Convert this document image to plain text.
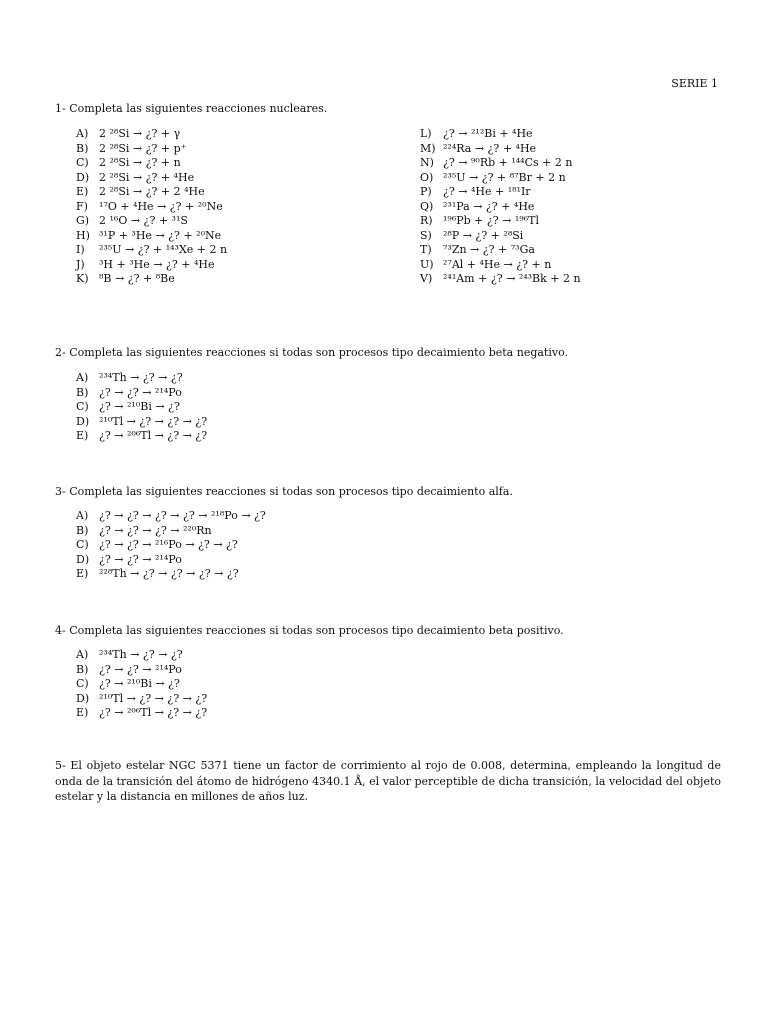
SERIE 1
1- Completa las siguientes reacciones nucleares.
A) 2 ²⁸Si → ¿? + γ
B) 2 ²⁸Si → ¿? + p⁺
C) 2 ²⁸Si → ¿? + n
D) 2 ²⁸Si → ¿? + ⁴He
E) 2 ²⁸Si → ¿? + 2 ⁴He
F) ¹⁷O + ⁴He → ¿? + ²⁰Ne
G) 2 ¹⁶O → ¿? + ³¹S
H) ³¹P + ³He → ¿? + ²⁰Ne
I) ²³⁵U → ¿? + ¹⁴³Xe + 2 n
J) ³H + ³He → ¿? + ⁴He
K) ⁸B → ¿? + ⁸Be
L) ¿? → ²¹²Bi + ⁴He
M) ²²⁴Ra → ¿? + ⁴He
N) ¿? → ⁹⁰Rb + ¹⁴⁴Cs + 2 n
O) ²³⁵U → ¿? + ⁸⁷Br + 2 n
P) ¿? → ⁴He + ¹⁸¹Ir
Q) ²³¹Pa → ¿? + ⁴He
R) ¹⁹⁶Pb + ¿? → ¹⁹⁶Tl
S) ²⁸P → ¿? + ²⁸Si
T) ⁷³Zn → ¿? + ⁷³Ga
U) ²⁷Al + ⁴He → ¿? + n
V) ²⁴¹Am + ¿? → ²⁴³Bk + 2 n
2- Completa las siguientes reacciones si todas son procesos tipo decaimiento beta negativo.
A) ²³⁴Th → ¿? → ¿?
B) ¿? → ¿? → ²¹⁴Po
C) ¿? → ²¹⁰Bi → ¿?
D) ²¹⁰Tl → ¿? → ¿? → ¿?
E) ¿? → ²⁰⁶Tl → ¿? → ¿?
3- Completa las siguientes reacciones si todas son procesos tipo decaimiento alfa.
A) ¿? → ¿? → ¿? → ¿? → ²¹⁸Po → ¿?
B) ¿? → ¿? → ¿? → ²²⁰Rn
C) ¿? → ¿? → ²¹⁶Po → ¿? → ¿?
D) ¿? → ¿? → ²¹⁴Po
E) ²²⁸Th → ¿? → ¿? → ¿? → ¿?
4- Completa las siguientes reacciones si todas son procesos tipo decaimiento beta positivo.
A) ²³⁴Th → ¿? → ¿?
B) ¿? → ¿? → ²¹⁴Po
C) ¿? → ²¹⁰Bi → ¿?
D) ²¹⁰Tl → ¿? → ¿? → ¿?
E) ¿? → ²⁰⁶Tl → ¿? → ¿?
5- El objeto estelar NGC 5371 tiene un factor de corrimiento al rojo de 0.008, determina, empleando la longitud de onda de la transición del átomo de hidrógeno 4340.1 Å, el valor perceptible de dicha transición, la velocidad del objeto estelar y la distancia en millones de años luz.
